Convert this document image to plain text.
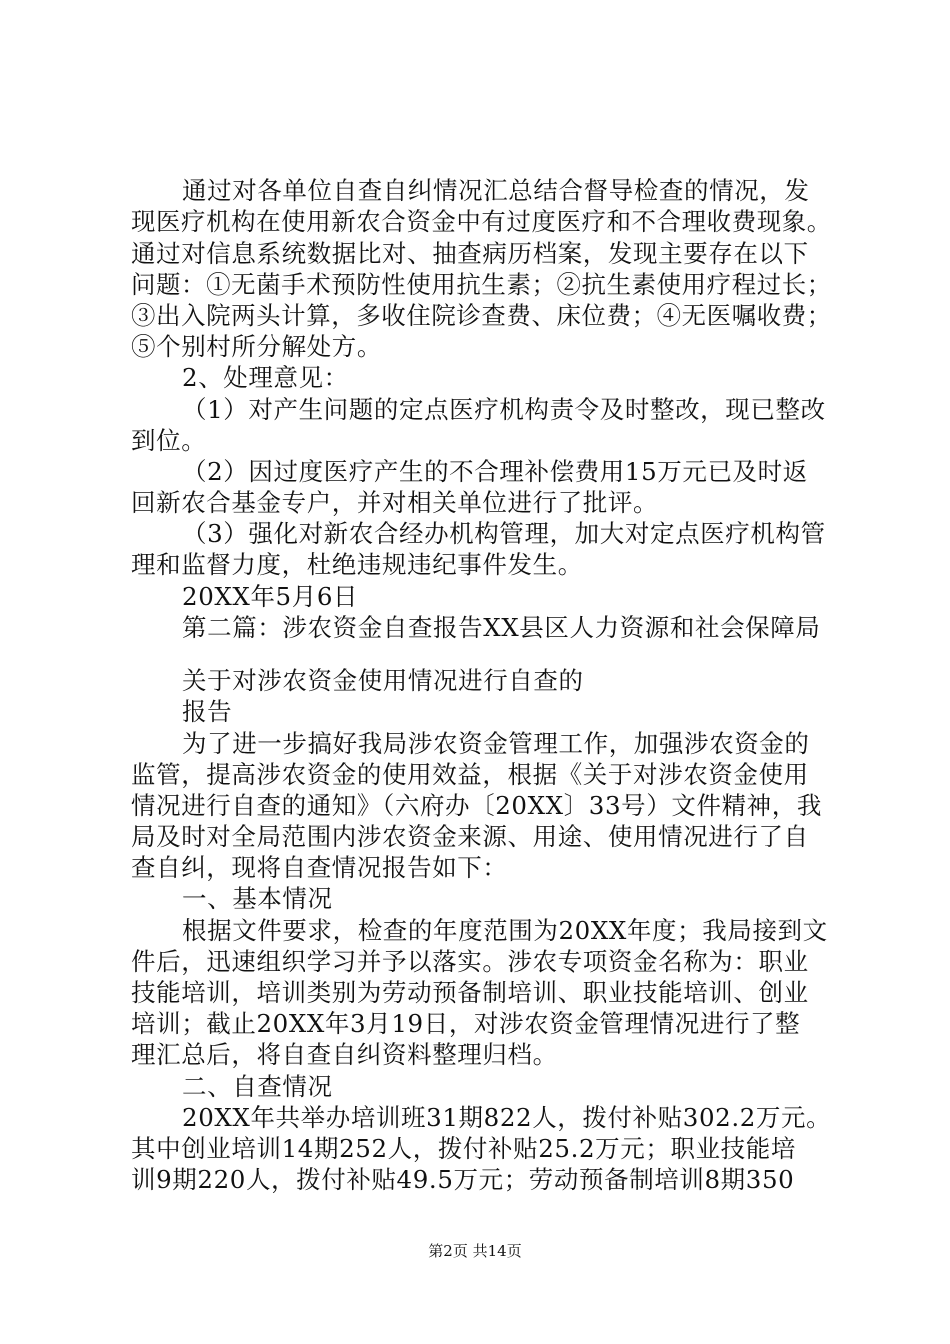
通过对各单位自查自纠情况汇总结合督导检查的情况，发
现医疗机构在使用新农合资金中有过度医疗和不合理收费现象。
通过对信息系统数据比对、抽查病历档案，发现主要存在以下
问题：①无菌手术预防性使用抗生素；②抗生素使用疗程过长；
③出入院两头计算，多收住院诊查费、床位费；④无医嘱收费；
⑤个别村所分解处方。
2、处理意见：
（1）对产生问题的定点医疗机构责令及时整改，现已整改
到位。
（2）因过度医疗产生的不合理补偿费用15万元已及时返
回新农合基金专户，并对相关单位进行了批评。
（3）强化对新农合经办机构管理，加大对定点医疗机构管
理和监督力度，杜绝违规违纪事件发生。
20XX年5月6日
第二篇：涉农资金自查报告XX县区人力资源和社会保障局
关于对涉农资金使用情况进行自查的
报告
为了进一步搞好我局涉农资金管理工作，加强涉农资金的
监管，提高涉农资金的使用效益，根据《关于对涉农资金使用
情况进行自查的通知》（六府办〔20XX〕33号）文件精神，我
局及时对全局范围内涉农资金来源、用途、使用情况进行了自
查自纠，现将自查情况报告如下：
一、基本情况
根据文件要求，检查的年度范围为20XX年度；我局接到文
件后，迅速组织学习并予以落实。涉农专项资金名称为：职业
技能培训，培训类别为劳动预备制培训、职业技能培训、创业
培训；截止20XX年3月19日，对涉农资金管理情况进行了整
理汇总后，将自查自纠资料整理归档。
二、自查情况
20XX年共举办培训班31期822人，拨付补贴302.2万元。
其中创业培训14期252人，拨付补贴25.2万元；职业技能培
训9期220人，拨付补贴49.5万元；劳动预备制培训8期350
第2页 共14页
